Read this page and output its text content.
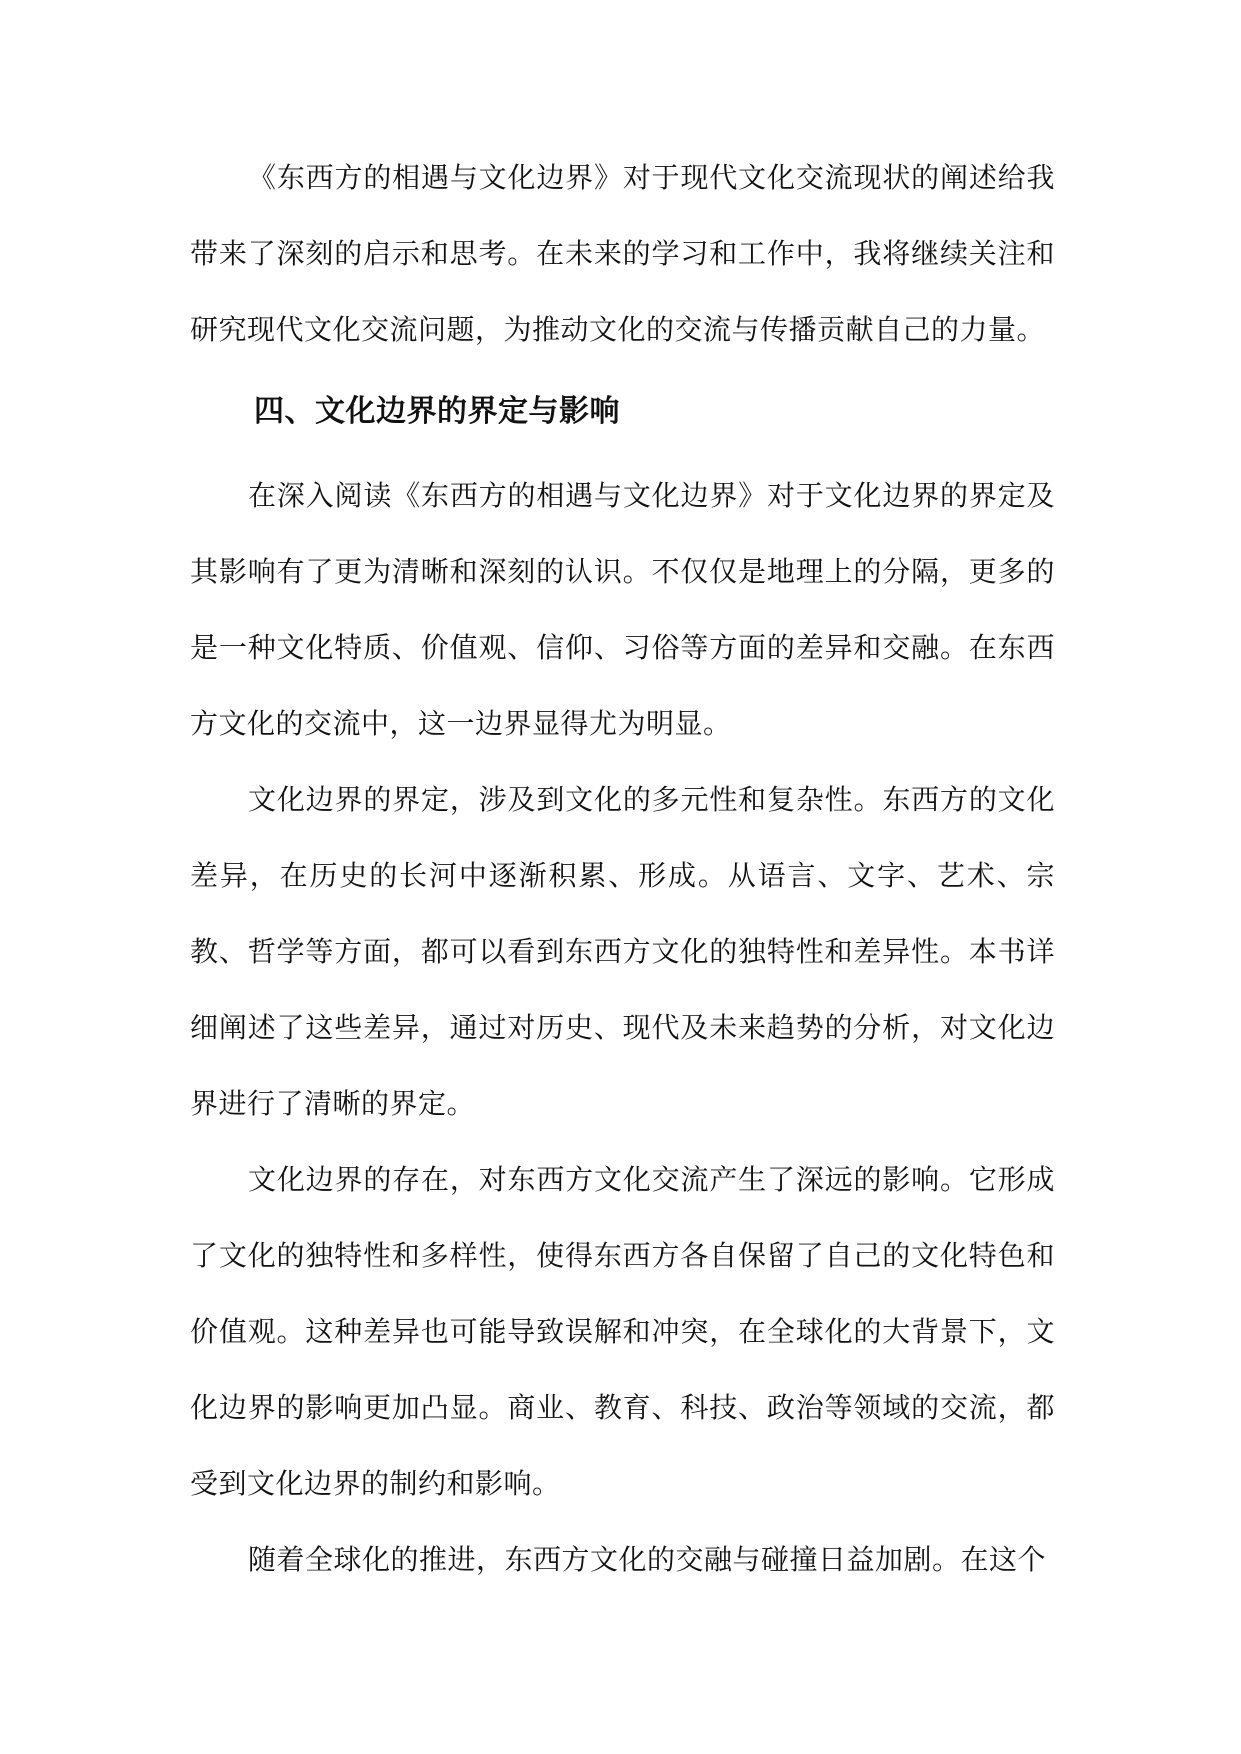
《东西方的相遇与文化边界》对于现代文化交流现状的阐述给我带来了深刻的启示和思考。在未来的学习和工作中，我将继续关注和研究现代文化交流问题，为推动文化的交流与传播贡献自己的力量。

四、文化边界的界定与影响

在深入阅读《东西方的相遇与文化边界》对于文化边界的界定及其影响有了更为清晰和深刻的认识。不仅仅是地理上的分隔，更多的是一种文化特质、价值观、信仰、习俗等方面的差异和交融。在东西方文化的交流中，这一边界显得尤为明显。

文化边界的界定，涉及到文化的多元性和复杂性。东西方的文化差异，在历史的长河中逐渐积累、形成。从语言、文字、艺术、宗教、哲学等方面，都可以看到东西方文化的独特性和差异性。本书详细阐述了这些差异，通过对历史、现代及未来趋势的分析，对文化边界进行了清晰的界定。

文化边界的存在，对东西方文化交流产生了深远的影响。它形成了文化的独特性和多样性，使得东西方各自保留了自己的文化特色和价值观。这种差异也可能导致误解和冲突，在全球化的大背景下，文化边界的影响更加凸显。商业、教育、科技、政治等领域的交流，都受到文化边界的制约和影响。

随着全球化的推进，东西方文化的交融与碰撞日益加剧。在这个
